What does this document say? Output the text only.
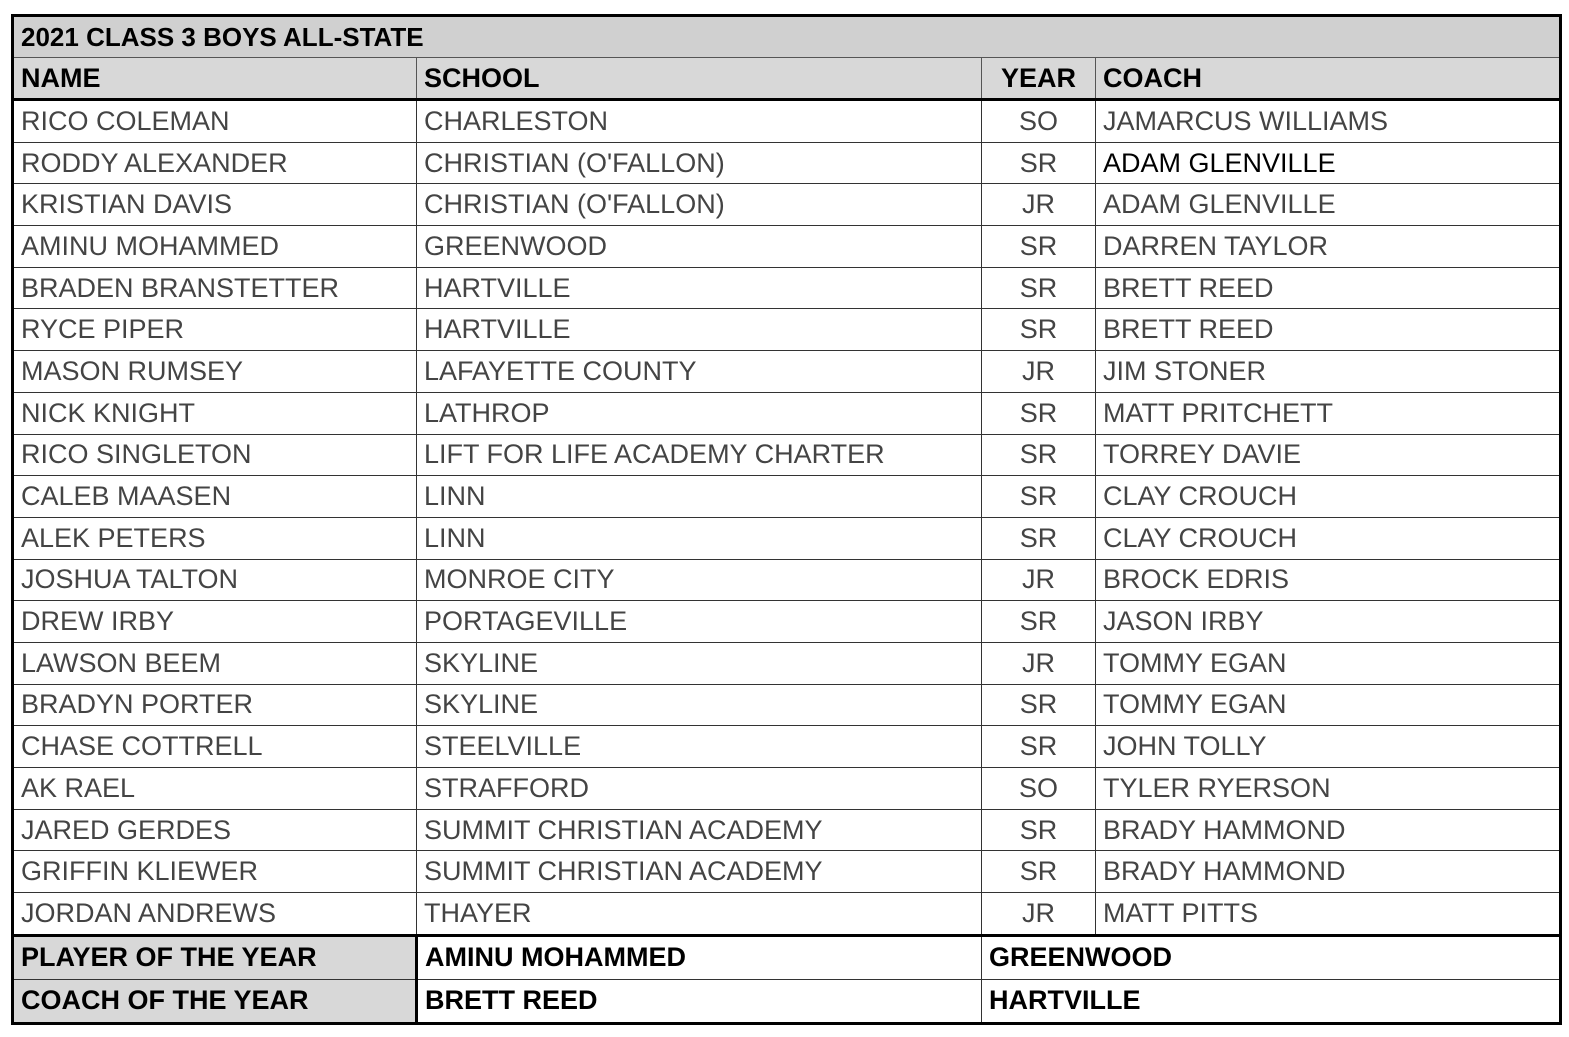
2021 CLASS 3 BOYS ALL-STATE			
NAME	SCHOOL	YEAR	COACH
RICO COLEMAN	CHARLESTON	SO	JAMARCUS WILLIAMS
RODDY ALEXANDER	CHRISTIAN (O'FALLON)	SR	ADAM GLENVILLE
KRISTIAN DAVIS	CHRISTIAN (O'FALLON)	JR	ADAM GLENVILLE
AMINU MOHAMMED	GREENWOOD	SR	DARREN TAYLOR
BRADEN BRANSTETTER	HARTVILLE	SR	BRETT REED
RYCE PIPER	HARTVILLE	SR	BRETT REED
MASON RUMSEY	LAFAYETTE COUNTY	JR	JIM STONER
NICK KNIGHT	LATHROP	SR	MATT PRITCHETT
RICO SINGLETON	LIFT FOR LIFE ACADEMY CHARTER	SR	TORREY DAVIE
CALEB MAASEN	LINN	SR	CLAY CROUCH
ALEK PETERS	LINN	SR	CLAY CROUCH
JOSHUA TALTON	MONROE CITY	JR	BROCK EDRIS
DREW IRBY	PORTAGEVILLE	SR	JASON IRBY
LAWSON BEEM	SKYLINE	JR	TOMMY EGAN
BRADYN PORTER	SKYLINE	SR	TOMMY EGAN
CHASE COTTRELL	STEELVILLE	SR	JOHN TOLLY
AK RAEL	STRAFFORD	SO	TYLER RYERSON
JARED GERDES	SUMMIT CHRISTIAN ACADEMY	SR	BRADY HAMMOND
GRIFFIN KLIEWER	SUMMIT CHRISTIAN ACADEMY	SR	BRADY HAMMOND
JORDAN ANDREWS	THAYER	JR	MATT PITTS
PLAYER OF THE YEAR	AMINU MOHAMMED	GREENWOOD	
COACH OF THE YEAR	BRETT REED	HARTVILLE	
